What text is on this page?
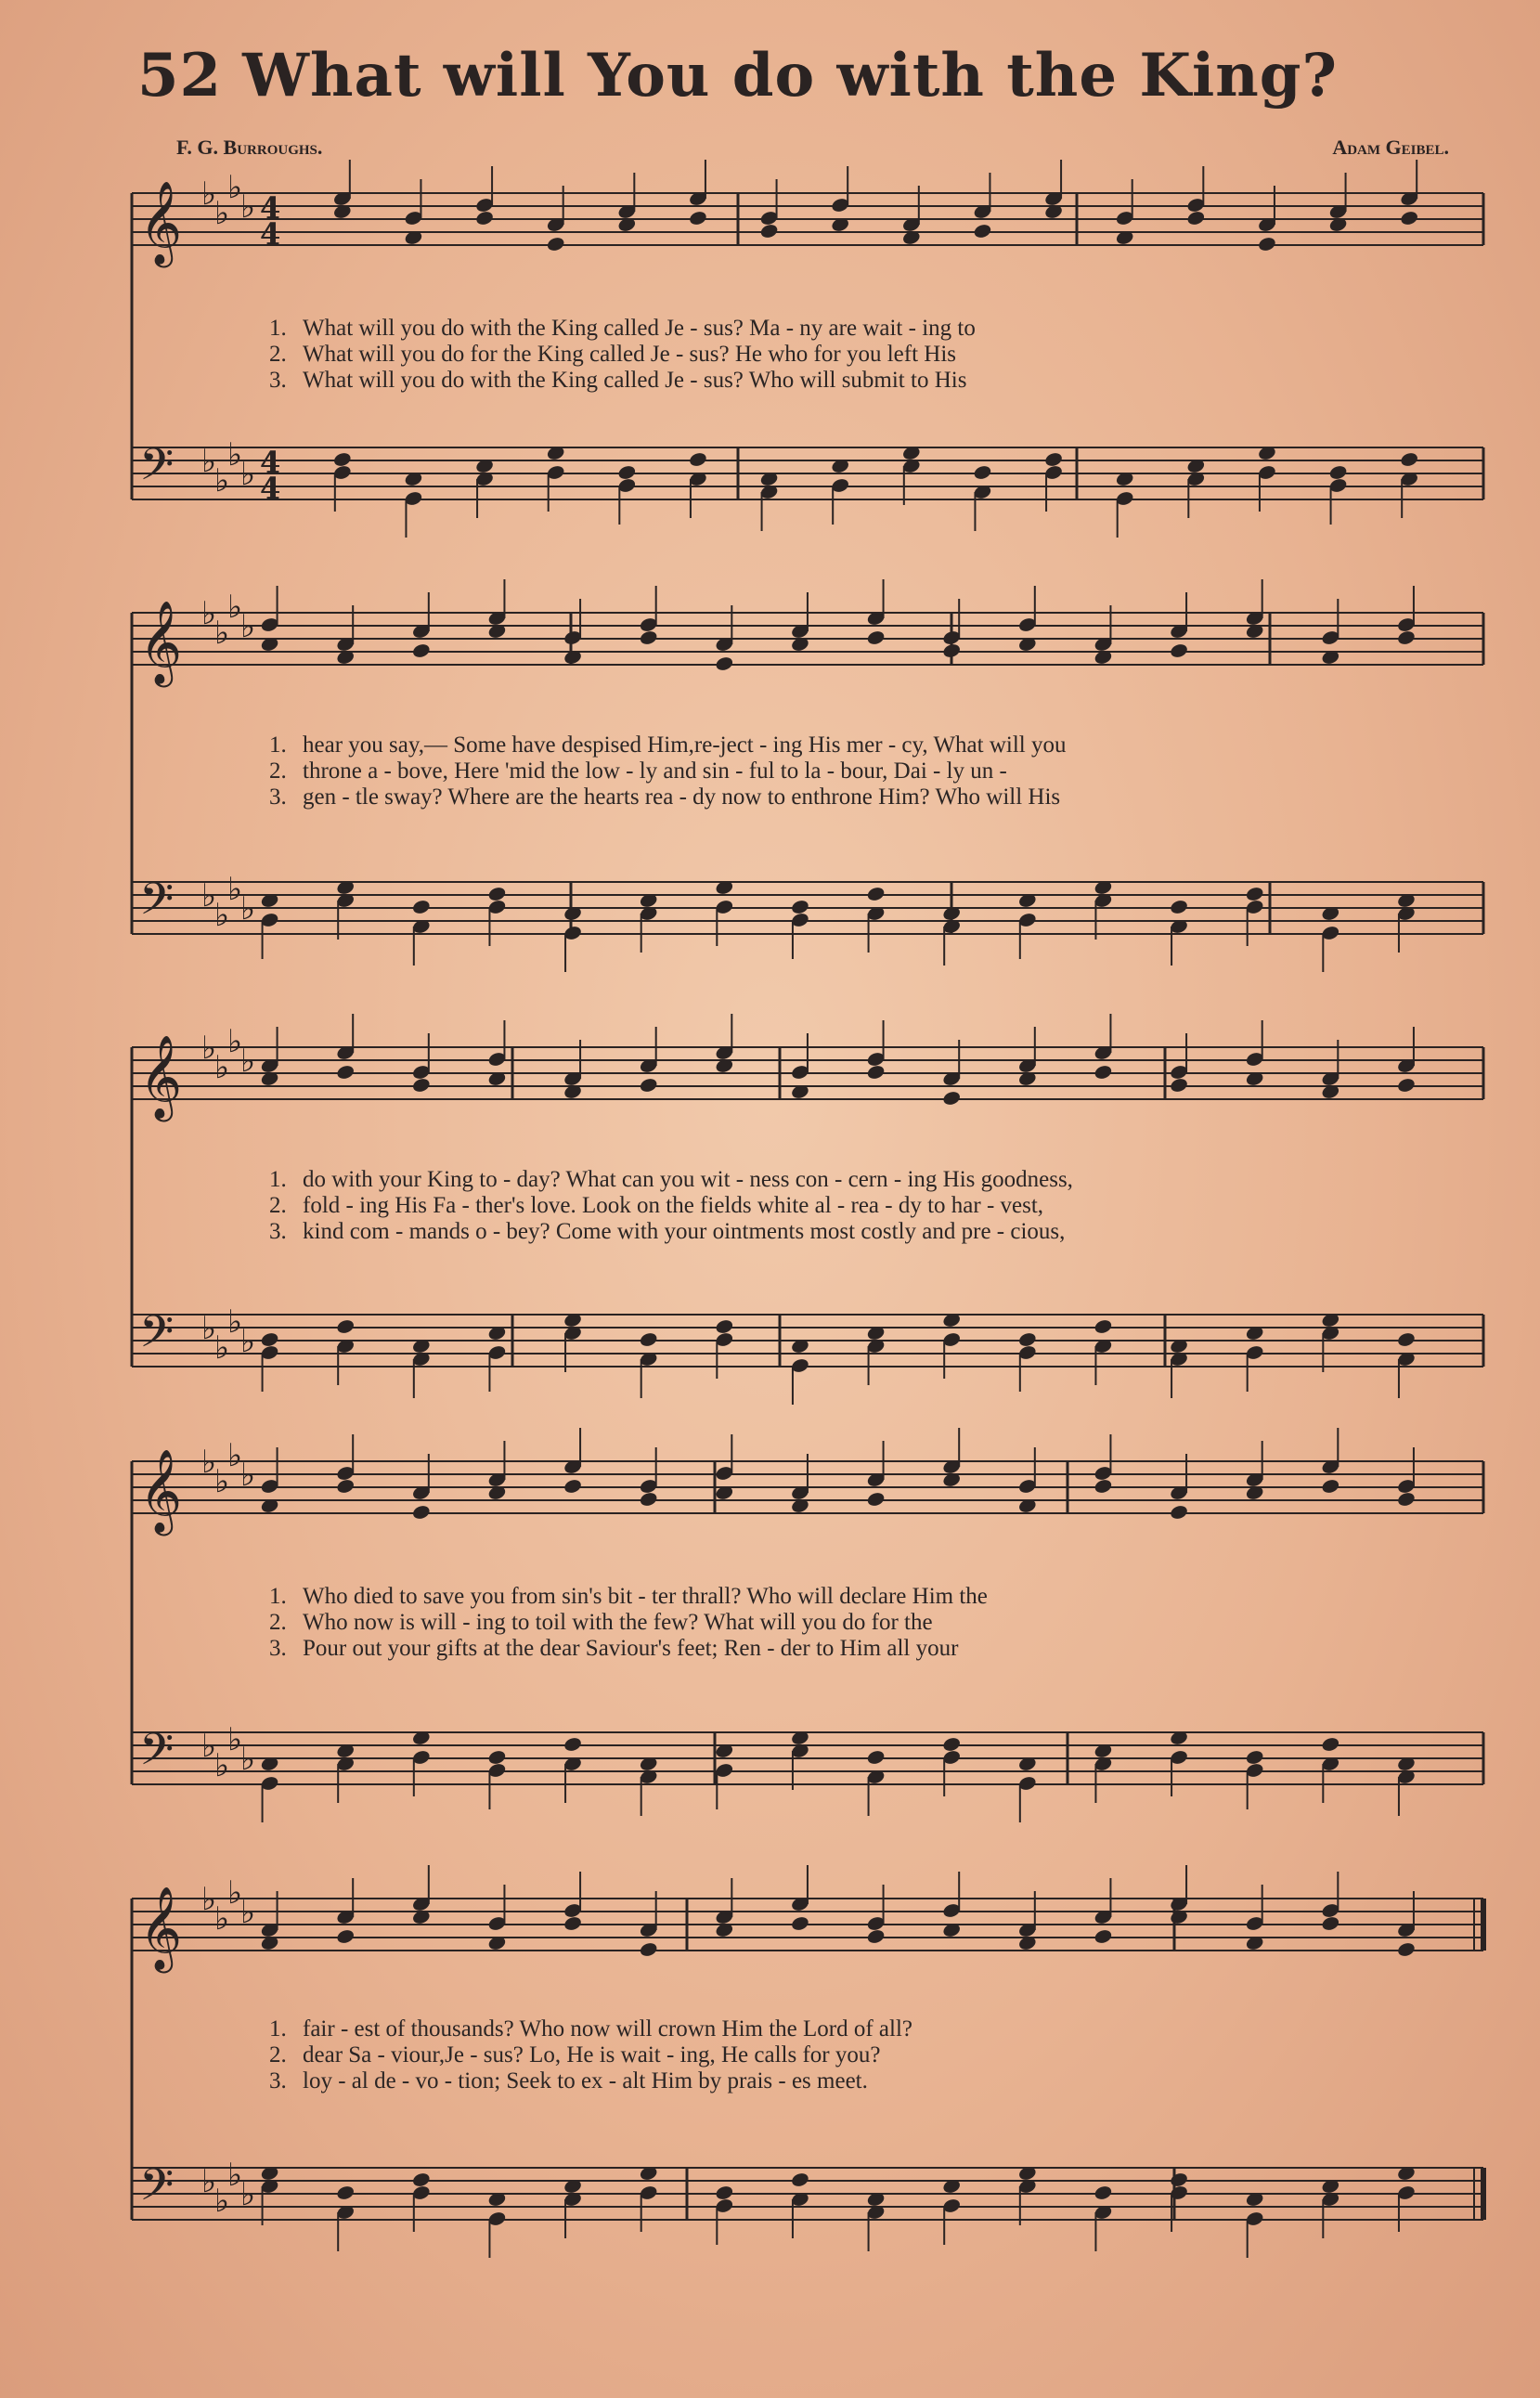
52 What will You do with the King?
F. G. Burroughs.	Adam Geibel.
𝄞 ♭
♭
♭
♭ 4
4
𝄢 ♭
♭
♭
♭ 4
4
𝄞 ♭
♭
♭
♭
𝄢 ♭
♭
♭
♭
𝄞 ♭
♭
♭
♭
𝄢 ♭
♭
♭
♭
𝄞 ♭
♭
♭
♭
𝄢 ♭
♭
♭
♭
𝄞 ♭
♭
♭
♭
𝄢 ♭
♭
♭
♭
1. What will you do with the King called Je - sus? Ma - ny are wait - ing to
2. What will you do for the King called Je - sus? He who for you left His
3. What will you do with the King called Je - sus? Who will submit to His
1. hear you say,— Some have despised Him,re-ject - ing His mer - cy, What will you
2. throne a - bove, Here 'mid the low - ly and sin - ful to la - bour, Dai - ly un -
3. gen - tle sway? Where are the hearts rea - dy now to enthrone Him? Who will His
1. do with your King to - day? What can you wit - ness con - cern - ing His goodness,
2. fold - ing His Fa - ther's love. Look on the fields white al - rea - dy to har - vest,
3. kind com - mands o - bey? Come with your ointments most costly and pre - cious,
1. Who died to save you from sin's bit - ter thrall? Who will declare Him the
2. Who now is will - ing to toil with the few? What will you do for the
3. Pour out your gifts at the dear Saviour's feet; Ren - der to Him all your
1. fair - est of thousands? Who now will crown Him the Lord of all?
2. dear Sa - viour,Je - sus? Lo, He is wait - ing, He calls for you?
3. loy - al de - vo - tion; Seek to ex - alt Him by prais - es meet.
